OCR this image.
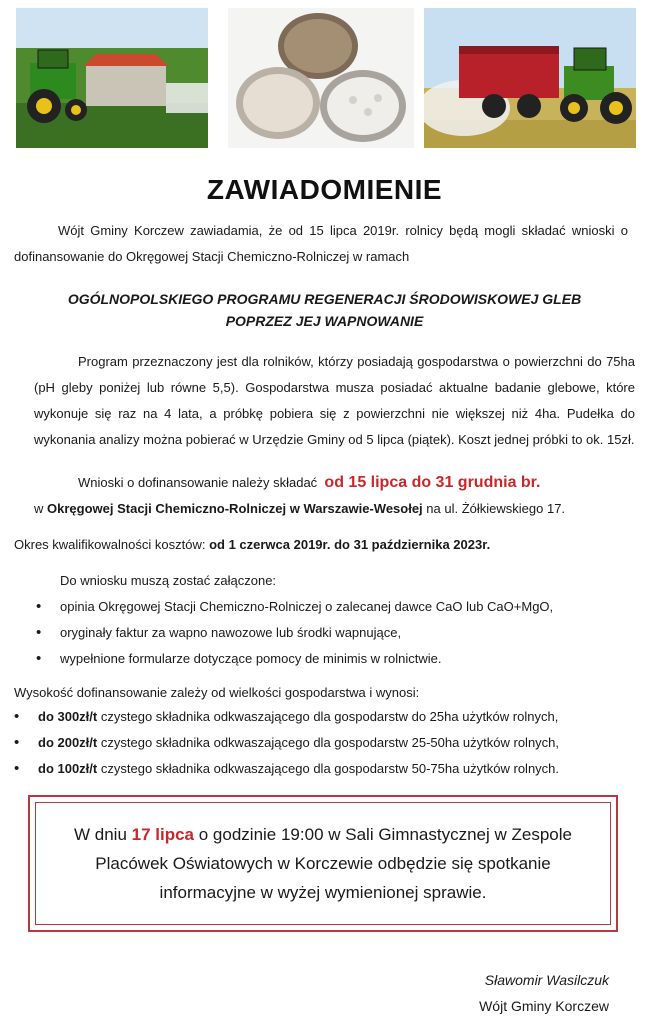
ZAWIADOMIENIE
Wójt Gminy Korczew zawiadamia, że od 15 lipca 2019r. rolnicy będą mogli składać wnioski o dofinansowanie do Okręgowej Stacji Chemiczno-Rolniczej w ramach
OGÓLNOPOLSKIEGO PROGRAMU REGENERACJI ŚRODOWISKOWEJ GLEB
POPRZEZ JEJ WAPNOWANIE
Program przeznaczony jest dla rolników, którzy posiadają gospodarstwa o powierzchni do 75ha (pH gleby poniżej lub równe 5,5). Gospodarstwa musza posiadać aktualne badanie glebowe, które wykonuje się raz na 4 lata, a próbkę pobiera się z powierzchni nie większej niż 4ha. Pudełka do wykonania analizy można pobierać w Urzędzie Gminy od 5 lipca (piątek). Koszt jednej próbki to ok. 15zł.
Wnioski o dofinansowanie należy składać od 15 lipca do 31 grudnia br.
w Okręgowej Stacji Chemiczno-Rolniczej w Warszawie-Wesołej na ul. Żółkiewskiego 17.
Okres kwalifikowalności kosztów: od 1 czerwca 2019r. do 31 października 2023r.
Do wniosku muszą zostać załączone:
• opinia Okręgowej Stacji Chemiczno-Rolniczej o zalecanej dawce CaO lub CaO+MgO,
• oryginały faktur za wapno nawozowe lub środki wapnujące,
• wypełnione formularze dotyczące pomocy de minimis w rolnictwie.
Wysokość dofinansowanie zależy od wielkości gospodarstwa i wynosi:
• do 300zł/t czystego składnika odkwaszającego dla gospodarstw do 25ha użytków rolnych,
• do 200zł/t czystego składnika odkwaszającego dla gospodarstw 25-50ha użytków rolnych,
• do 100zł/t czystego składnika odkwaszającego dla gospodarstw 50-75ha użytków rolnych.
W dniu 17 lipca o godzinie 19:00 w Sali Gimnastycznej w Zespole Placówek Oświatowych w Korczewie odbędzie się spotkanie informacyjne w wyżej wymienionej sprawie.
Sławomir Wasilczuk
Wójt Gminy Korczew
